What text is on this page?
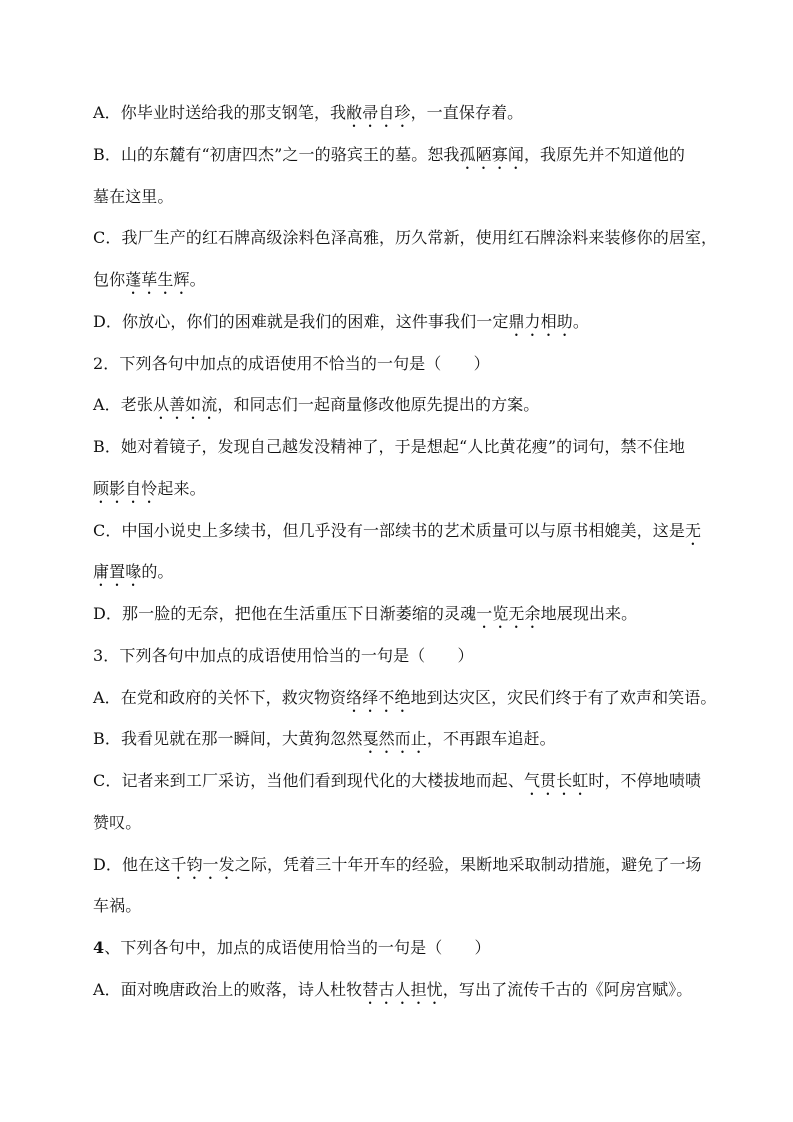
A．你毕业时送给我的那支钢笔，我敝帚自珍，一直保存着。
B．山的东麓有“初唐四杰”之一的骆宾王的墓。恕我孤陋寡闻，我原先并不知道他的
墓在这里。
C．我厂生产的红石牌高级涂料色泽高雅，历久常新，使用红石牌涂料来装修你的居室，
包你蓬荜生辉。
D．你放心，你们的困难就是我们的困难，这件事我们一定鼎力相助。
2．下列各句中加点的成语使用不恰当的一句是（　　）
A．老张从善如流，和同志们一起商量修改他原先提出的方案。
B．她对着镜子，发现自己越发没精神了，于是想起“人比黄花瘦”的词句，禁不住地
顾影自怜起来。
C．中国小说史上多续书，但几乎没有一部续书的艺术质量可以与原书相媲美，这是无
庸置喙的。
D．那一脸的无奈，把他在生活重压下日渐萎缩的灵魂一览无余地展现出来。
3．下列各句中加点的成语使用恰当的一句是（　　）
A．在党和政府的关怀下，救灾物资络绎不绝地到达灾区，灾民们终于有了欢声和笑语。
B．我看见就在那一瞬间，大黄狗忽然戛然而止，不再跟车追赶。
C．记者来到工厂采访，当他们看到现代化的大楼拔地而起、气贯长虹时，不停地啧啧
赞叹。
D．他在这千钧一发之际，凭着三十年开车的经验，果断地采取制动措施，避免了一场
车祸。
4、下列各句中，加点的成语使用恰当的一句是（　　）
A．面对晚唐政治上的败落，诗人杜牧替古人担忧，写出了流传千古的《阿房宫赋》。
